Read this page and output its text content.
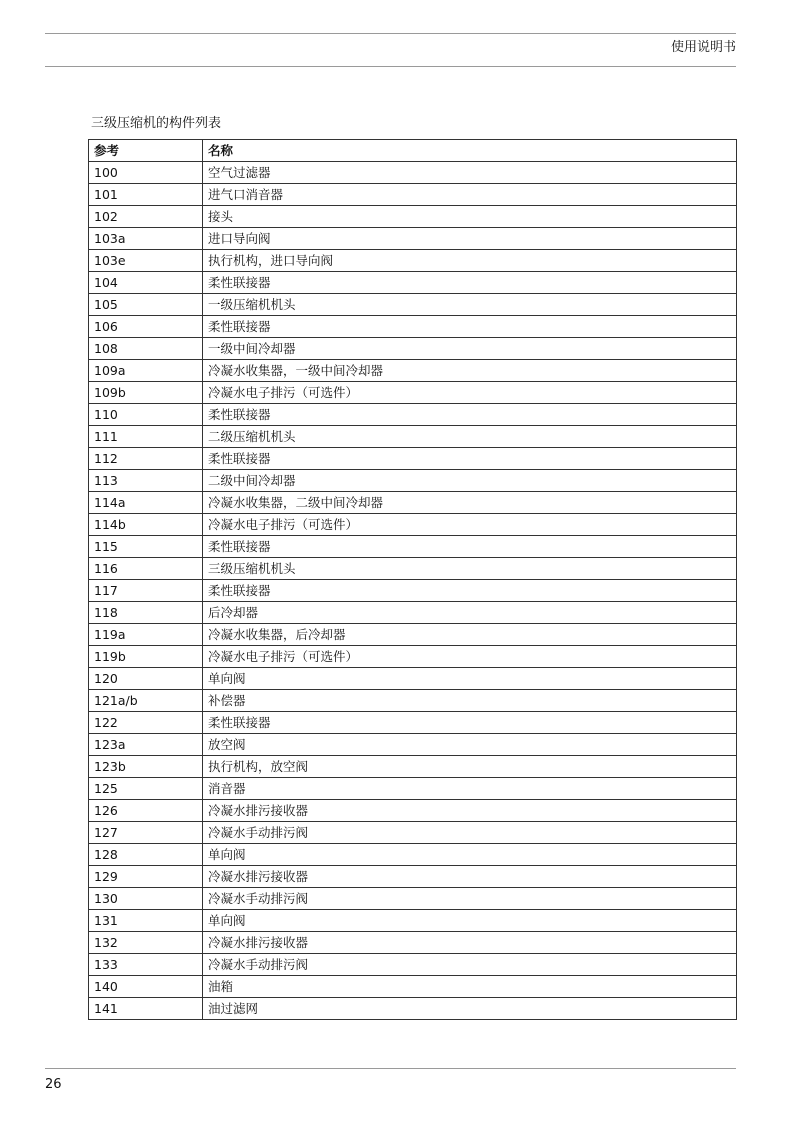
使用说明书
三级压缩机的构件列表
参考	名称
100	空气过滤器
101	进气口消音器
102	接头
103a	进口导向阀
103e	执行机构，进口导向阀
104	柔性联接器
105	一级压缩机机头
106	柔性联接器
108	一级中间冷却器
109a	冷凝水收集器，一级中间冷却器
109b	冷凝水电子排污（可选件）
110	柔性联接器
111	二级压缩机机头
112	柔性联接器
113	二级中间冷却器
114a	冷凝水收集器，二级中间冷却器
114b	冷凝水电子排污（可选件）
115	柔性联接器
116	三级压缩机机头
117	柔性联接器
118	后冷却器
119a	冷凝水收集器，后冷却器
119b	冷凝水电子排污（可选件）
120	单向阀
121a/b	补偿器
122	柔性联接器
123a	放空阀
123b	执行机构，放空阀
125	消音器
126	冷凝水排污接收器
127	冷凝水手动排污阀
128	单向阀
129	冷凝水排污接收器
130	冷凝水手动排污阀
131	单向阀
132	冷凝水排污接收器
133	冷凝水手动排污阀
140	油箱
141	油过滤网
26
